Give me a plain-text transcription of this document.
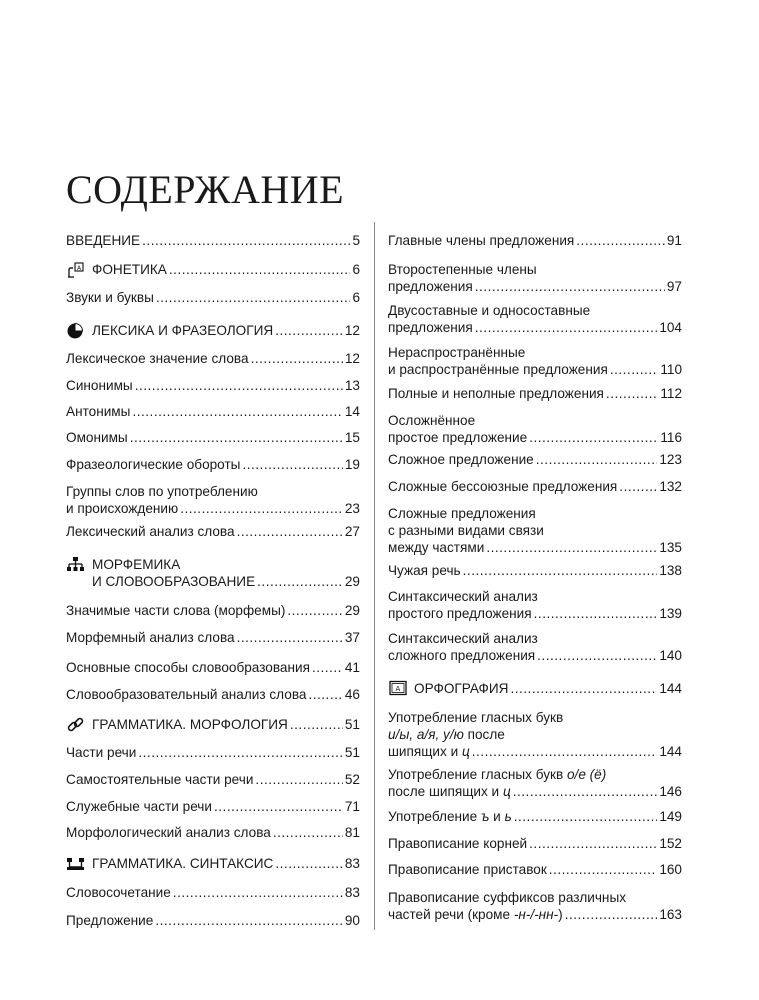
СОДЕРЖАНИЕ
ВВЕДЕНИЕ .....	5
A ФОНЕТИКА .....	6
Звуки и буквы .....	6
ЛЕКСИКА И ФРАЗЕОЛОГИЯ .....	12
Лексическое значение слова .....	12
Синонимы .....	13
Антонимы .....	14
Омонимы .....	15
Фразеологические обороты .....	19
Группы слов по употреблению
и происхождению .....	23
Лексический анализ слова .....	27
МОРФЕМИКА
И СЛОВООБРАЗОВАНИЕ .....	29
Значимые части слова (морфемы) .....	29
Морфемный анализ слова .....	37
Основные способы словообразования .....	41
Словообразовательный анализ слова .....	46
ГРАММАТИКА. МОРФОЛОГИЯ .....	51
Части речи .....	51
Самостоятельные части речи .....	52
Служебные части речи .....	71
Морфологический анализ слова .....	81
ГРАММАТИКА. СИНТАКСИС .....	83
Словосочетание .....	83
Предложение .....	90
Главные члены предложения .....	91
Второстепенные члены
предложения .....	97
Двусоставные и односоставные
предложения .....	104
Нераспространённые
и распространённые предложения .....	110
Полные и неполные предложения .....	112
Осложнённое
простое предложение .....	116
Сложное предложение .....	123
Сложные бессоюзные предложения .....	132
Сложные предложения
с разными видами связи
между частями .....	135
Чужая речь .....	138
Синтаксический анализ
простого предложения .....	139
Синтаксический анализ
сложного предложения .....	140
A	ОРФОГРАФИЯ .....	144
Употребление гласных букв
и/ы, а/я, у/ю после
шипящих и ц .....	144
Употребление гласных букв о/е (ё)
после шипящих и ц .....	146
Употребление ъ и ь .....	149
Правописание корней .....	152
Правописание приставок .....	160
Правописание суффиксов различных
частей речи (кроме -н-/-нн-) .....	163
